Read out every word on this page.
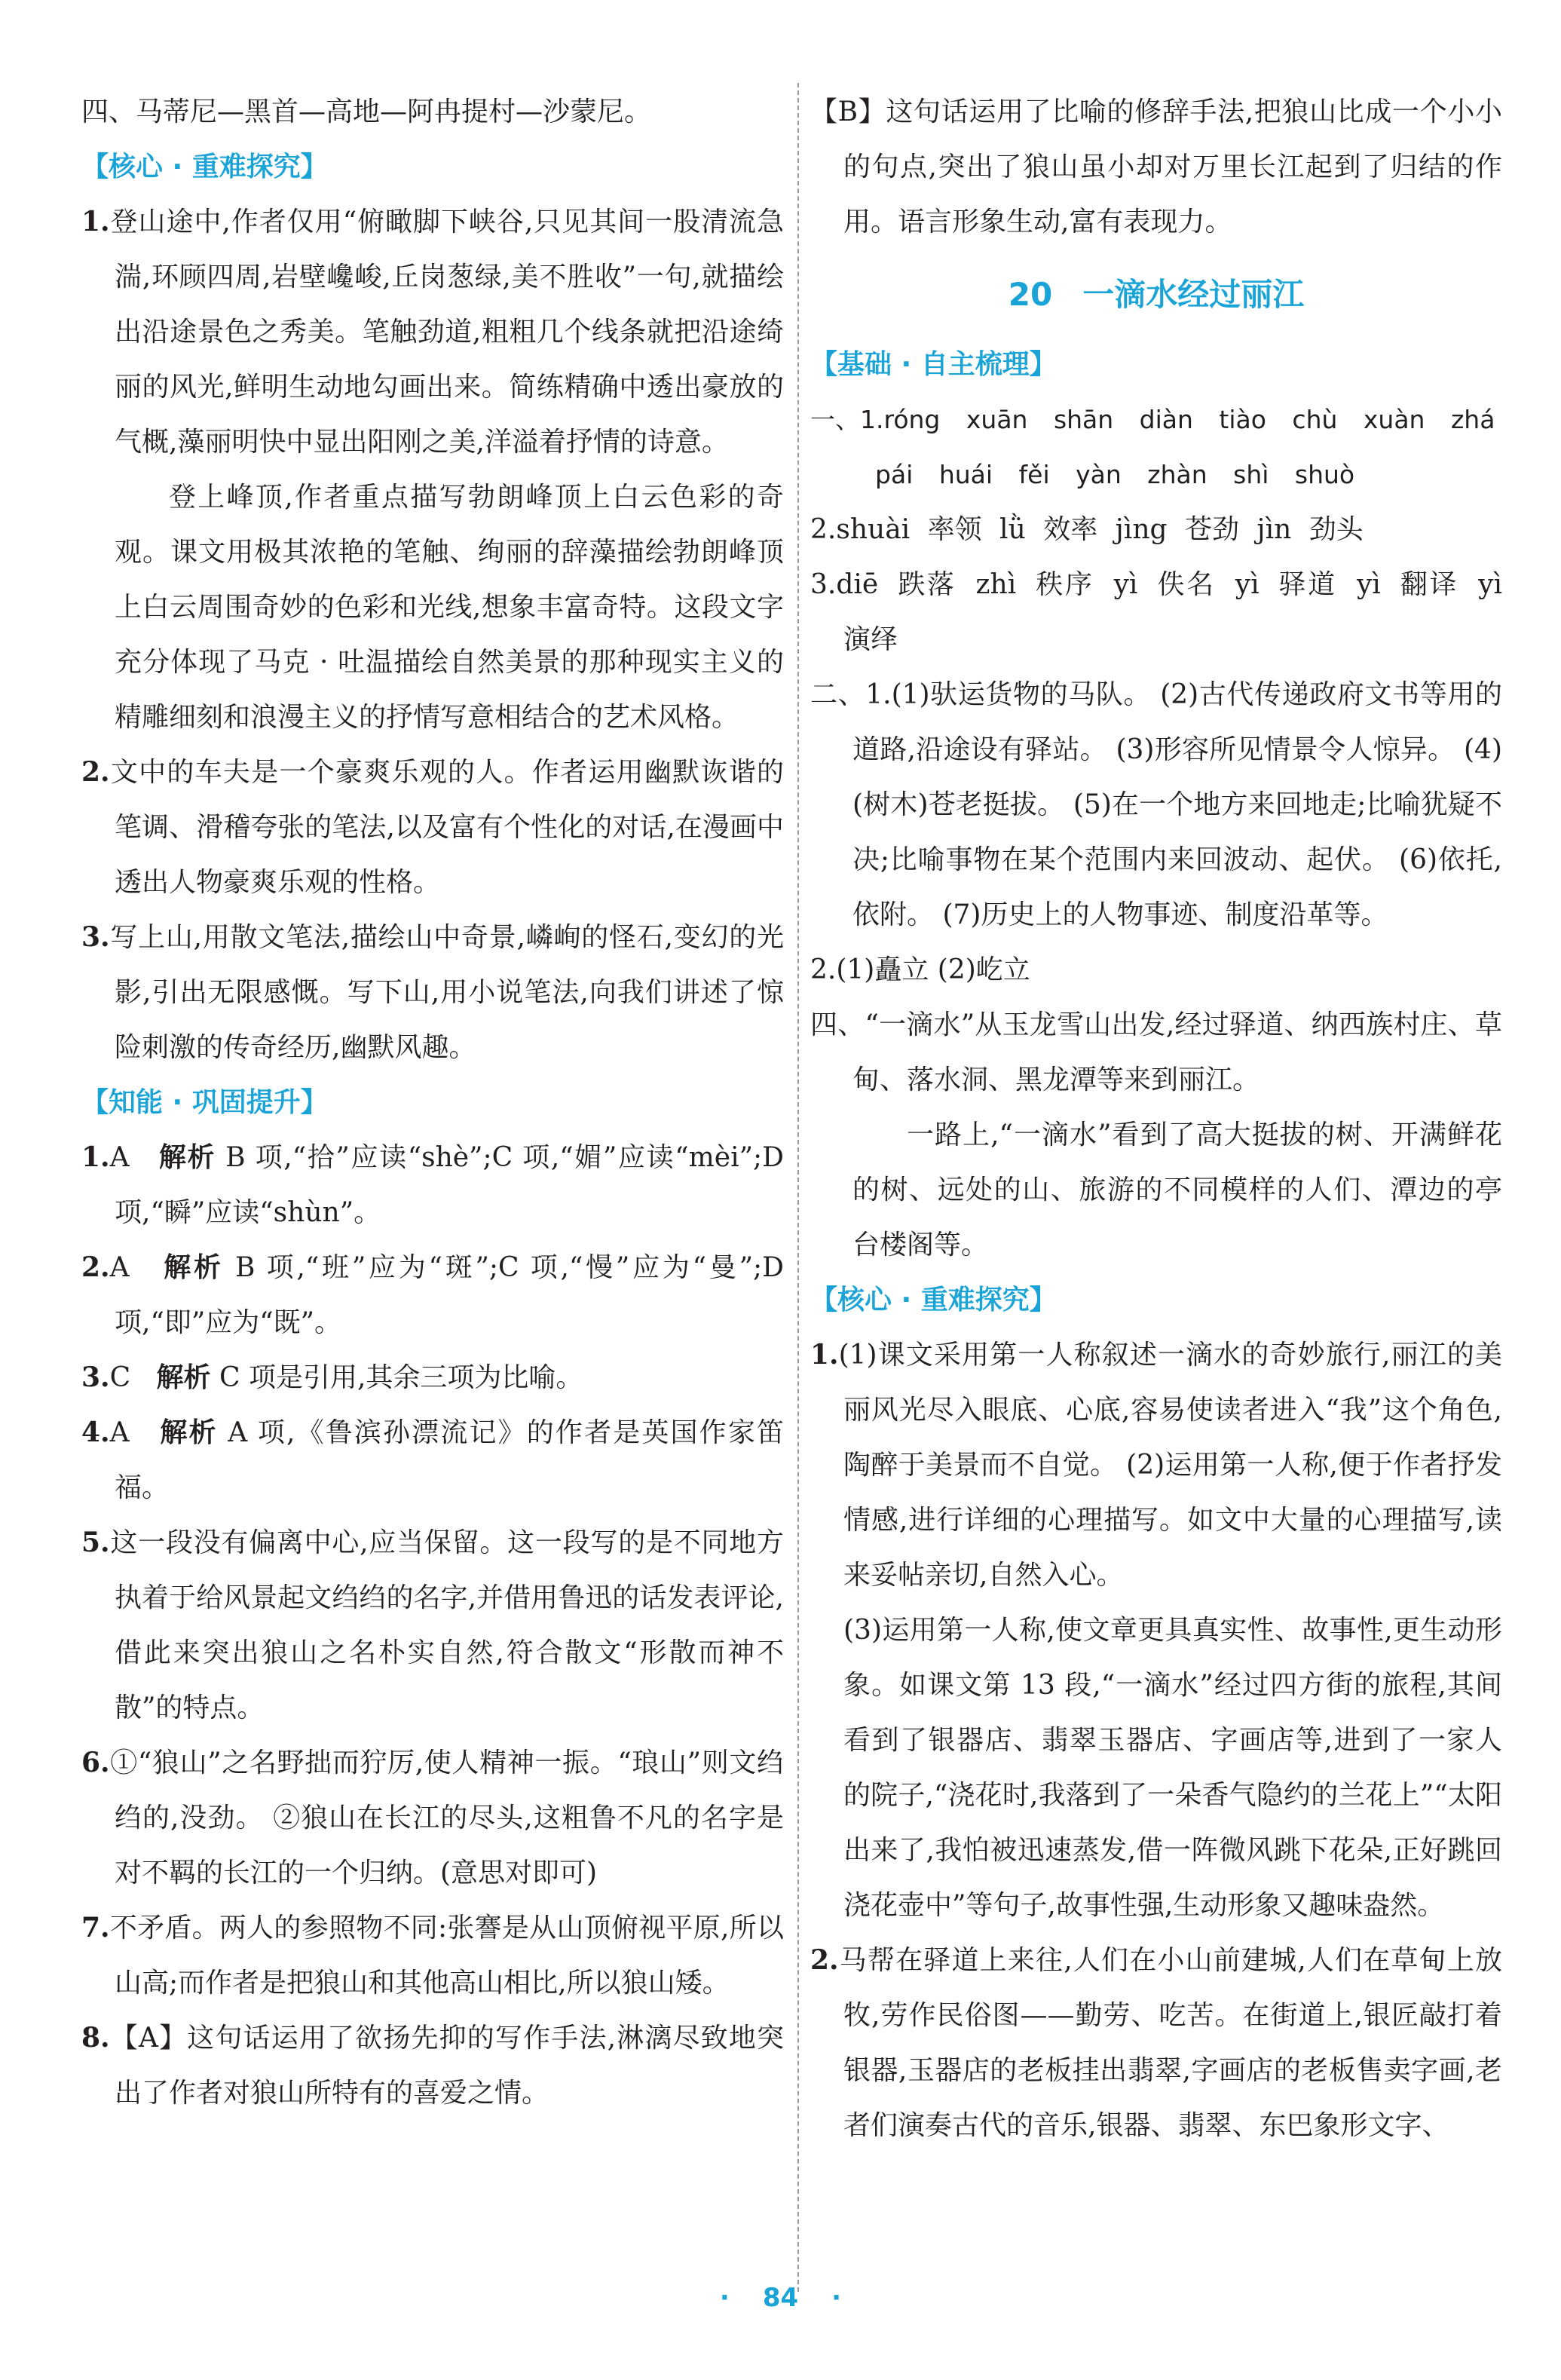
四、马蒂尼—黑首—高地—阿冉提村—沙蒙尼。

【核心 · 重难探究】

1.登山途中,作者仅用“俯瞰脚下峡谷,只见其间一股清流急湍,环顾四周,岩壁巉峻,丘岗葱绿,美不胜收”一句,就描绘出沿途景色之秀美。笔触劲道,粗粗几个线条就把沿途绮丽的风光,鲜明生动地勾画出来。简练精确中透出豪放的气概,藻丽明快中显出阳刚之美,洋溢着抒情的诗意。

登上峰顶,作者重点描写勃朗峰顶上白云色彩的奇观。课文用极其浓艳的笔触、绚丽的辞藻描绘勃朗峰顶上白云周围奇妙的色彩和光线,想象丰富奇特。这段文字充分体现了马克 · 吐温描绘自然美景的那种现实主义的精雕细刻和浪漫主义的抒情写意相结合的艺术风格。

2.文中的车夫是一个豪爽乐观的人。作者运用幽默诙谐的笔调、滑稽夸张的笔法,以及富有个性化的对话,在漫画中透出人物豪爽乐观的性格。

3.写上山,用散文笔法,描绘山中奇景,嶙峋的怪石,变幻的光影,引出无限感慨。写下山,用小说笔法,向我们讲述了惊险刺激的传奇经历,幽默风趣。

【知能 · 巩固提升】

1.A 解析 B 项,“拾”应读“shè”;C 项,“媚”应读“mèi”;D 项,“瞬”应读“shùn”。

2.A 解析 B 项,“班”应为“斑”;C 项,“慢”应为“曼”;D 项,“即”应为“既”。

3.C 解析 C 项是引用,其余三项为比喻。

4.A 解析 A 项,《鲁滨孙漂流记》的作者是英国作家笛福。

5.这一段没有偏离中心,应当保留。这一段写的是不同地方执着于给风景起文绉绉的名字,并借用鲁迅的话发表评论,借此来突出狼山之名朴实自然,符合散文“形散而神不散”的特点。

6.①“狼山”之名野拙而狞厉,使人精神一振。“琅山”则文绉绉的,没劲。 ②狼山在长江的尽头,这粗鲁不凡的名字是对不羁的长江的一个归纳。(意思对即可)

7.不矛盾。两人的参照物不同:张謇是从山顶俯视平原,所以山高;而作者是把狼山和其他高山相比,所以狼山矮。

8.【A】这句话运用了欲扬先抑的写作手法,淋漓尽致地突出了作者对狼山所特有的喜爱之情。

【B】这句话运用了比喻的修辞手法,把狼山比成一个小小的句点,突出了狼山虽小却对万里长江起到了归结的作用。语言形象生动,富有表现力。

20 一滴水经过丽江

【基础 · 自主梳理】

一、1.róng xuān shān diàn tiào chù xuàn zhá

pái huái fěi yàn zhàn shì shuò

2.shuài 率领 lǜ 效率 jìng 苍劲 jìn 劲头

3.diē 跌落 zhì 秩序 yì 佚名 yì 驿道 yì 翻译 yì 演绎

二、1.(1)驮运货物的马队。 (2)古代传递政府文书等用的道路,沿途设有驿站。 (3)形容所见情景令人惊异。 (4)(树木)苍老挺拔。 (5)在一个地方来回地走;比喻犹疑不决;比喻事物在某个范围内来回波动、起伏。 (6)依托,依附。 (7)历史上的人物事迹、制度沿革等。

2.(1)矗立 (2)屹立

四、“一滴水”从玉龙雪山出发,经过驿道、纳西族村庄、草甸、落水洞、黑龙潭等来到丽江。

一路上,“一滴水”看到了高大挺拔的树、开满鲜花的树、远处的山、旅游的不同模样的人们、潭边的亭台楼阁等。

【核心 · 重难探究】

1.(1)课文采用第一人称叙述一滴水的奇妙旅行,丽江的美丽风光尽入眼底、心底,容易使读者进入“我”这个角色,陶醉于美景而不自觉。 (2)运用第一人称,便于作者抒发情感,进行详细的心理描写。如文中大量的心理描写,读来妥帖亲切,自然入心。

(3)运用第一人称,使文章更具真实性、故事性,更生动形象。如课文第 13 段,“一滴水”经过四方街的旅程,其间看到了银器店、翡翠玉器店、字画店等,进到了一家人的院子,“浇花时,我落到了一朵香气隐约的兰花上”“太阳出来了,我怕被迅速蒸发,借一阵微风跳下花朵,正好跳回浇花壶中”等句子,故事性强,生动形象又趣味盎然。

2.马帮在驿道上来往,人们在小山前建城,人们在草甸上放牧,劳作民俗图——勤劳、吃苦。在街道上,银匠敲打着银器,玉器店的老板挂出翡翠,字画店的老板售卖字画,老者们演奏古代的音乐,银器、翡翠、东巴象形文字、

· 84 ·
